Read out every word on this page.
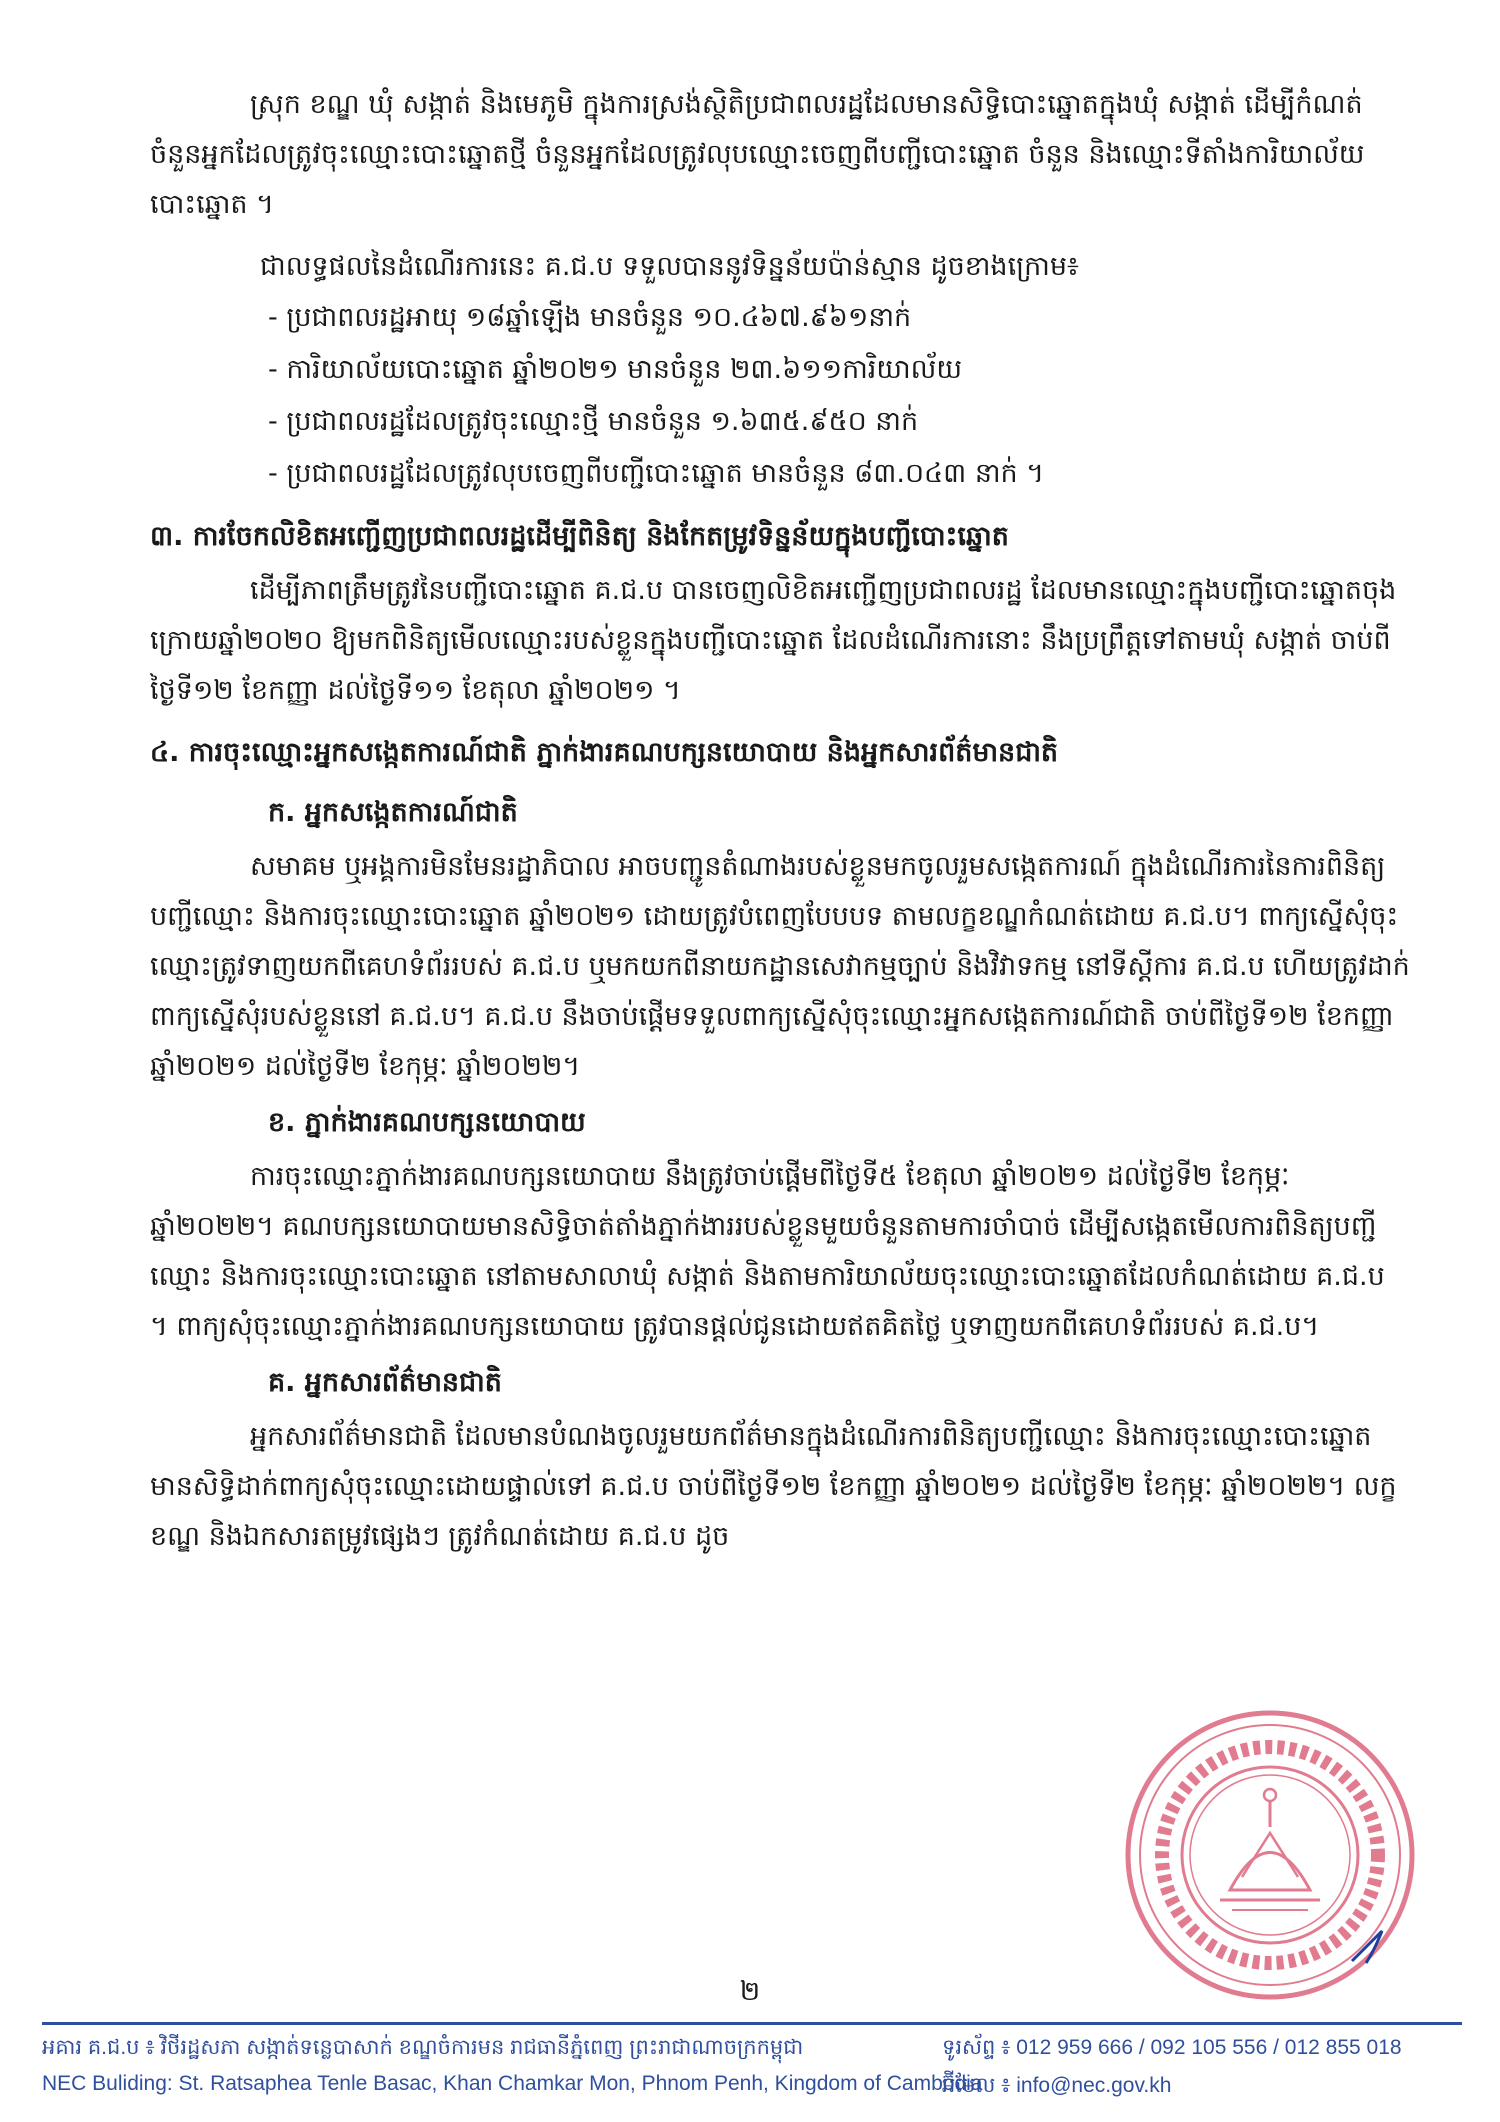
ស្រុក ខណ្ឌ ឃុំ សង្កាត់ និងមេភូមិ ក្នុងការស្រង់ស្ថិតិប្រជាពលរដ្ឋដែលមានសិទ្ធិបោះឆ្នោតក្នុងឃុំ សង្កាត់ ដើម្បីកំណត់ចំនួនអ្នកដែលត្រូវចុះឈ្មោះបោះឆ្នោតថ្មី ចំនួនអ្នកដែលត្រូវលុបឈ្មោះចេញពីបញ្ជីបោះឆ្នោត ចំនួន និងឈ្មោះទីតាំងការិយាល័យបោះឆ្នោត ។

ជាលទ្ធផលនៃដំណើរការនេះ គ.ជ.ប ទទួលបាននូវទិន្នន័យប៉ាន់ស្មាន ដូចខាងក្រោម៖

- ប្រជាពលរដ្ឋអាយុ ១៨ឆ្នាំឡើង មានចំនួន ១០.៤៦៧.៩៦១នាក់
- ការិយាល័យបោះឆ្នោត ឆ្នាំ២០២១ មានចំនួន ២៣.៦១១ការិយាល័យ
- ប្រជាពលរដ្ឋដែលត្រូវចុះឈ្មោះថ្មី មានចំនួន ១.៦៣៥.៩៥០ នាក់
- ប្រជាពលរដ្ឋដែលត្រូវលុបចេញពីបញ្ជីបោះឆ្នោត មានចំនួន ៨៣.០៤៣ នាក់ ។
៣. ការចែកលិខិតអញ្ជើញប្រជាពលរដ្ឋដើម្បីពិនិត្យ និងកែតម្រូវទិន្នន័យក្នុងបញ្ជីបោះឆ្នោត

ដើម្បីភាពត្រឹមត្រូវនៃបញ្ជីបោះឆ្នោត គ.ជ.ប បានចេញលិខិតអញ្ជើញប្រជាពលរដ្ឋ ដែលមានឈ្មោះក្នុងបញ្ជីបោះឆ្នោតចុងក្រោយឆ្នាំ២០២០ ឱ្យមកពិនិត្យមើលឈ្មោះរបស់ខ្លួនក្នុងបញ្ជីបោះឆ្នោត ដែលដំណើរការនោះ នឹងប្រព្រឹត្តទៅតាមឃុំ សង្កាត់ ចាប់ពីថ្ងៃទី១២ ខែកញ្ញា ដល់ថ្ងៃទី១១ ខែតុលា ឆ្នាំ២០២១ ។

៤. ការចុះឈ្មោះអ្នកសង្កេតការណ៍ជាតិ ភ្នាក់ងារគណបក្សនយោបាយ និងអ្នកសារព័ត៌មានជាតិ
ក. អ្នកសង្កេតការណ៍ជាតិ

សមាគម ឬអង្គការមិនមែនរដ្ឋាភិបាល អាចបញ្ជូនតំណាងរបស់ខ្លួនមកចូលរួមសង្កេតការណ៍ ក្នុងដំណើរការនៃការពិនិត្យបញ្ជីឈ្មោះ និងការចុះឈ្មោះបោះឆ្នោត ឆ្នាំ២០២១ ដោយត្រូវបំពេញបែបបទ តាមលក្ខខណ្ឌកំណត់ដោយ គ.ជ.ប។ ពាក្យស្នើសុំចុះឈ្មោះត្រូវទាញយកពីគេហទំព័ររបស់ គ.ជ.ប ឬមកយកពីនាយកដ្ឋានសេវាកម្មច្បាប់ និងវិវាទកម្ម នៅទីស្តីការ គ.ជ.ប ហើយត្រូវដាក់ពាក្យស្នើសុំរបស់ខ្លួននៅ គ.ជ.ប។ គ.ជ.ប នឹងចាប់ផ្តើមទទួលពាក្យស្នើសុំចុះឈ្មោះអ្នកសង្កេតការណ៍ជាតិ ចាប់ពីថ្ងៃទី១២ ខែកញ្ញា ឆ្នាំ២០២១ ដល់ថ្ងៃទី២ ខែកុម្ភៈ ឆ្នាំ២០២២។

ខ. ភ្នាក់ងារគណបក្សនយោបាយ

ការចុះឈ្មោះភ្នាក់ងារគណបក្សនយោបាយ នឹងត្រូវចាប់ផ្តើមពីថ្ងៃទី៥ ខែតុលា ឆ្នាំ២០២១ ដល់ថ្ងៃទី២ ខែកុម្ភៈ ឆ្នាំ២០២២។ គណបក្សនយោបាយមានសិទ្ធិចាត់តាំងភ្នាក់ងាររបស់ខ្លួនមួយចំនួនតាមការចាំបាច់ ដើម្បីសង្កេតមើលការពិនិត្យបញ្ជីឈ្មោះ និងការចុះឈ្មោះបោះឆ្នោត នៅតាមសាលាឃុំ សង្កាត់ និងតាមការិយាល័យចុះឈ្មោះបោះឆ្នោតដែលកំណត់ដោយ គ.ជ.ប ។ ពាក្យសុំចុះឈ្មោះភ្នាក់ងារគណបក្សនយោបាយ ត្រូវបានផ្តល់ជូនដោយឥតគិតថ្លៃ ឬទាញយកពីគេហទំព័ររបស់ គ.ជ.ប។

គ. អ្នកសារព័ត៌មានជាតិ

អ្នកសារព័ត៌មានជាតិ ដែលមានបំណងចូលរួមយកព័ត៌មានក្នុងដំណើរការពិនិត្យបញ្ជីឈ្មោះ និងការចុះឈ្មោះបោះឆ្នោត មានសិទ្ធិដាក់ពាក្យសុំចុះឈ្មោះដោយផ្ទាល់ទៅ គ.ជ.ប ចាប់ពីថ្ងៃទី១២ ខែកញ្ញា ឆ្នាំ២០២១ ដល់ថ្ងៃទី២ ខែកុម្ភៈ ឆ្នាំ២០២២។ លក្ខខណ្ឌ និងឯកសារតម្រូវផ្សេងៗ ត្រូវកំណត់ដោយ គ.ជ.ប ដូច

២
អគារ គ.ជ.ប ៖ វិថីរដ្ឋសភា សង្កាត់ទន្លេបាសាក់ ខណ្ឌចំការមន រាជធានីភ្នំពេញ ព្រះរាជាណាចក្រកម្ពុជា	ទូរស័ព្ទ ៖ 012 959 666 / 092 105 556 / 012 855 018
NEC Buliding: St. Ratsaphea Tenle Basac, Khan Chamkar Mon, Phnom Penh, Kingdom of Cambodia
អ៊ីមែល ៖ info@nec.gov.kh
